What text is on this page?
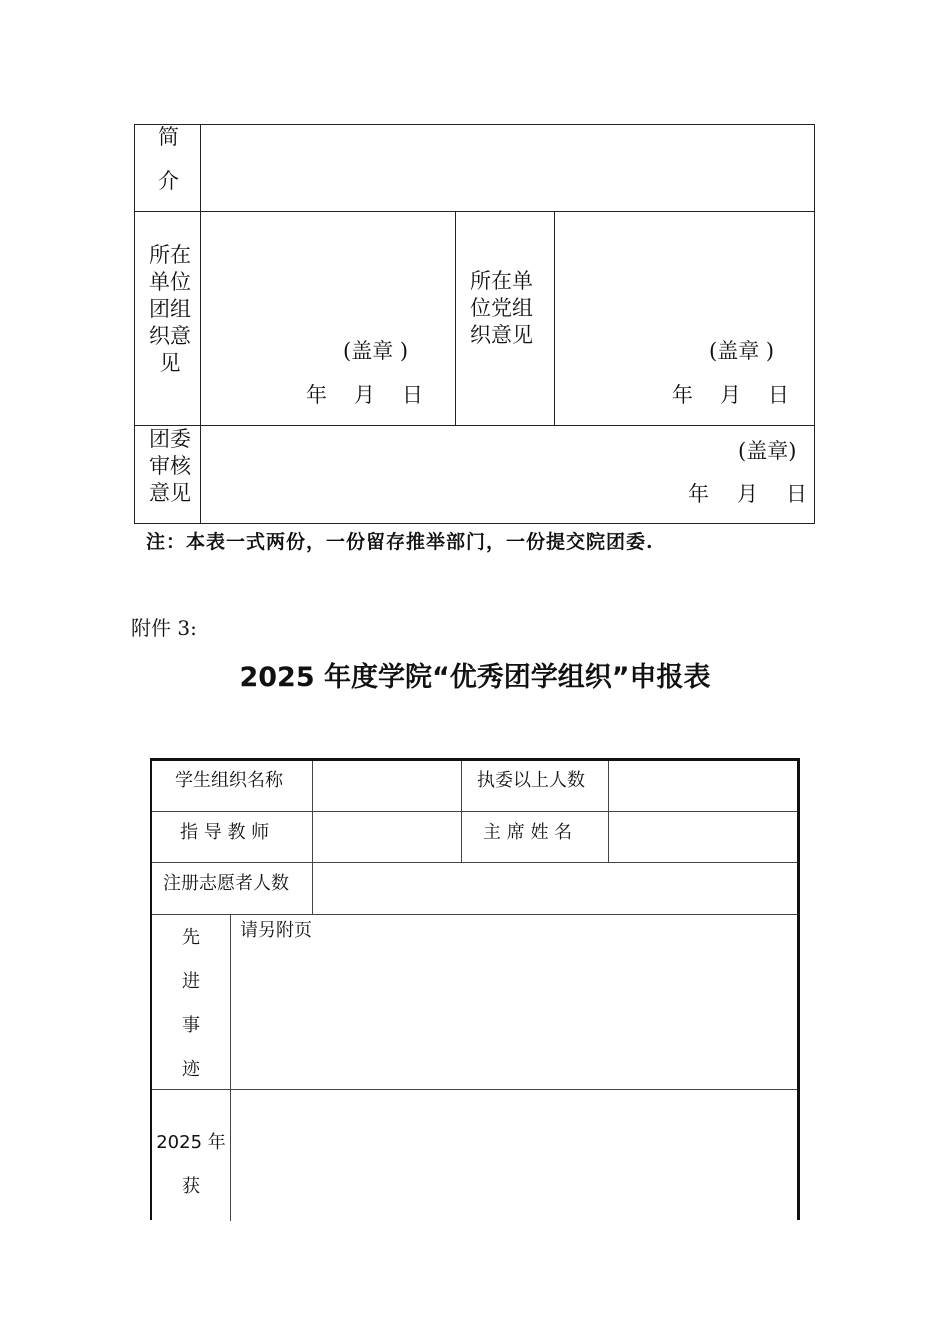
简
介
所在
单位
团组
织意
见
所在单
位党组
织意见
(盖章 )
年 月 日
(盖章 )
年 月 日
团委
审核
意见
(盖章)
年 月 日
注：本表一式两份，一份留存推举部门，一份提交院团委.
附件 3:
2025 年度学院“优秀团学组织”申报表
学生组织名称	执委以上人数
指 导 教 师	主 席 姓 名
注册志愿者人数
先
进
事
迹
请另附页
2025 年
获
